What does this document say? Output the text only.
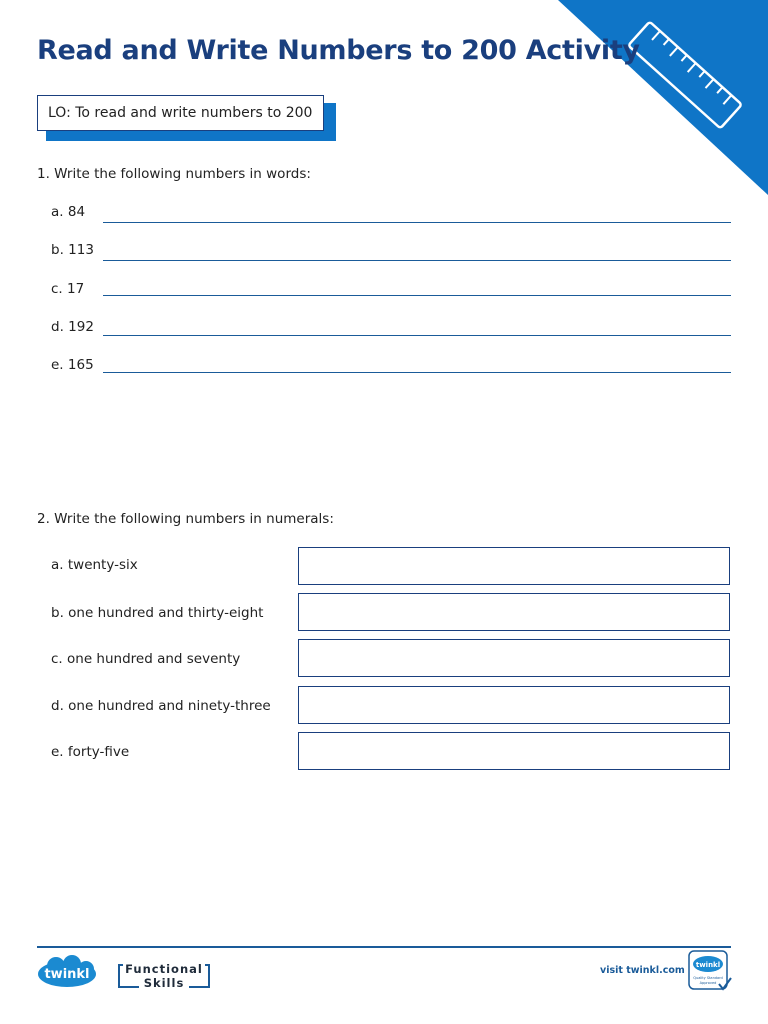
Read and Write Numbers to 200 Activity
LO: To read and write numbers to 200
1. Write the following numbers in words:
a. 84
b. 113
c. 17
d. 192
e. 165
2. Write the following numbers in numerals:
a. twenty-six
b. one hundred and thirty-eight
c. one hundred and seventy
d. one hundred and ninety-three
e. forty-five
twinkl	Functional
Skills
visit twinkl.com twinkl
Quality Standard
Approved
